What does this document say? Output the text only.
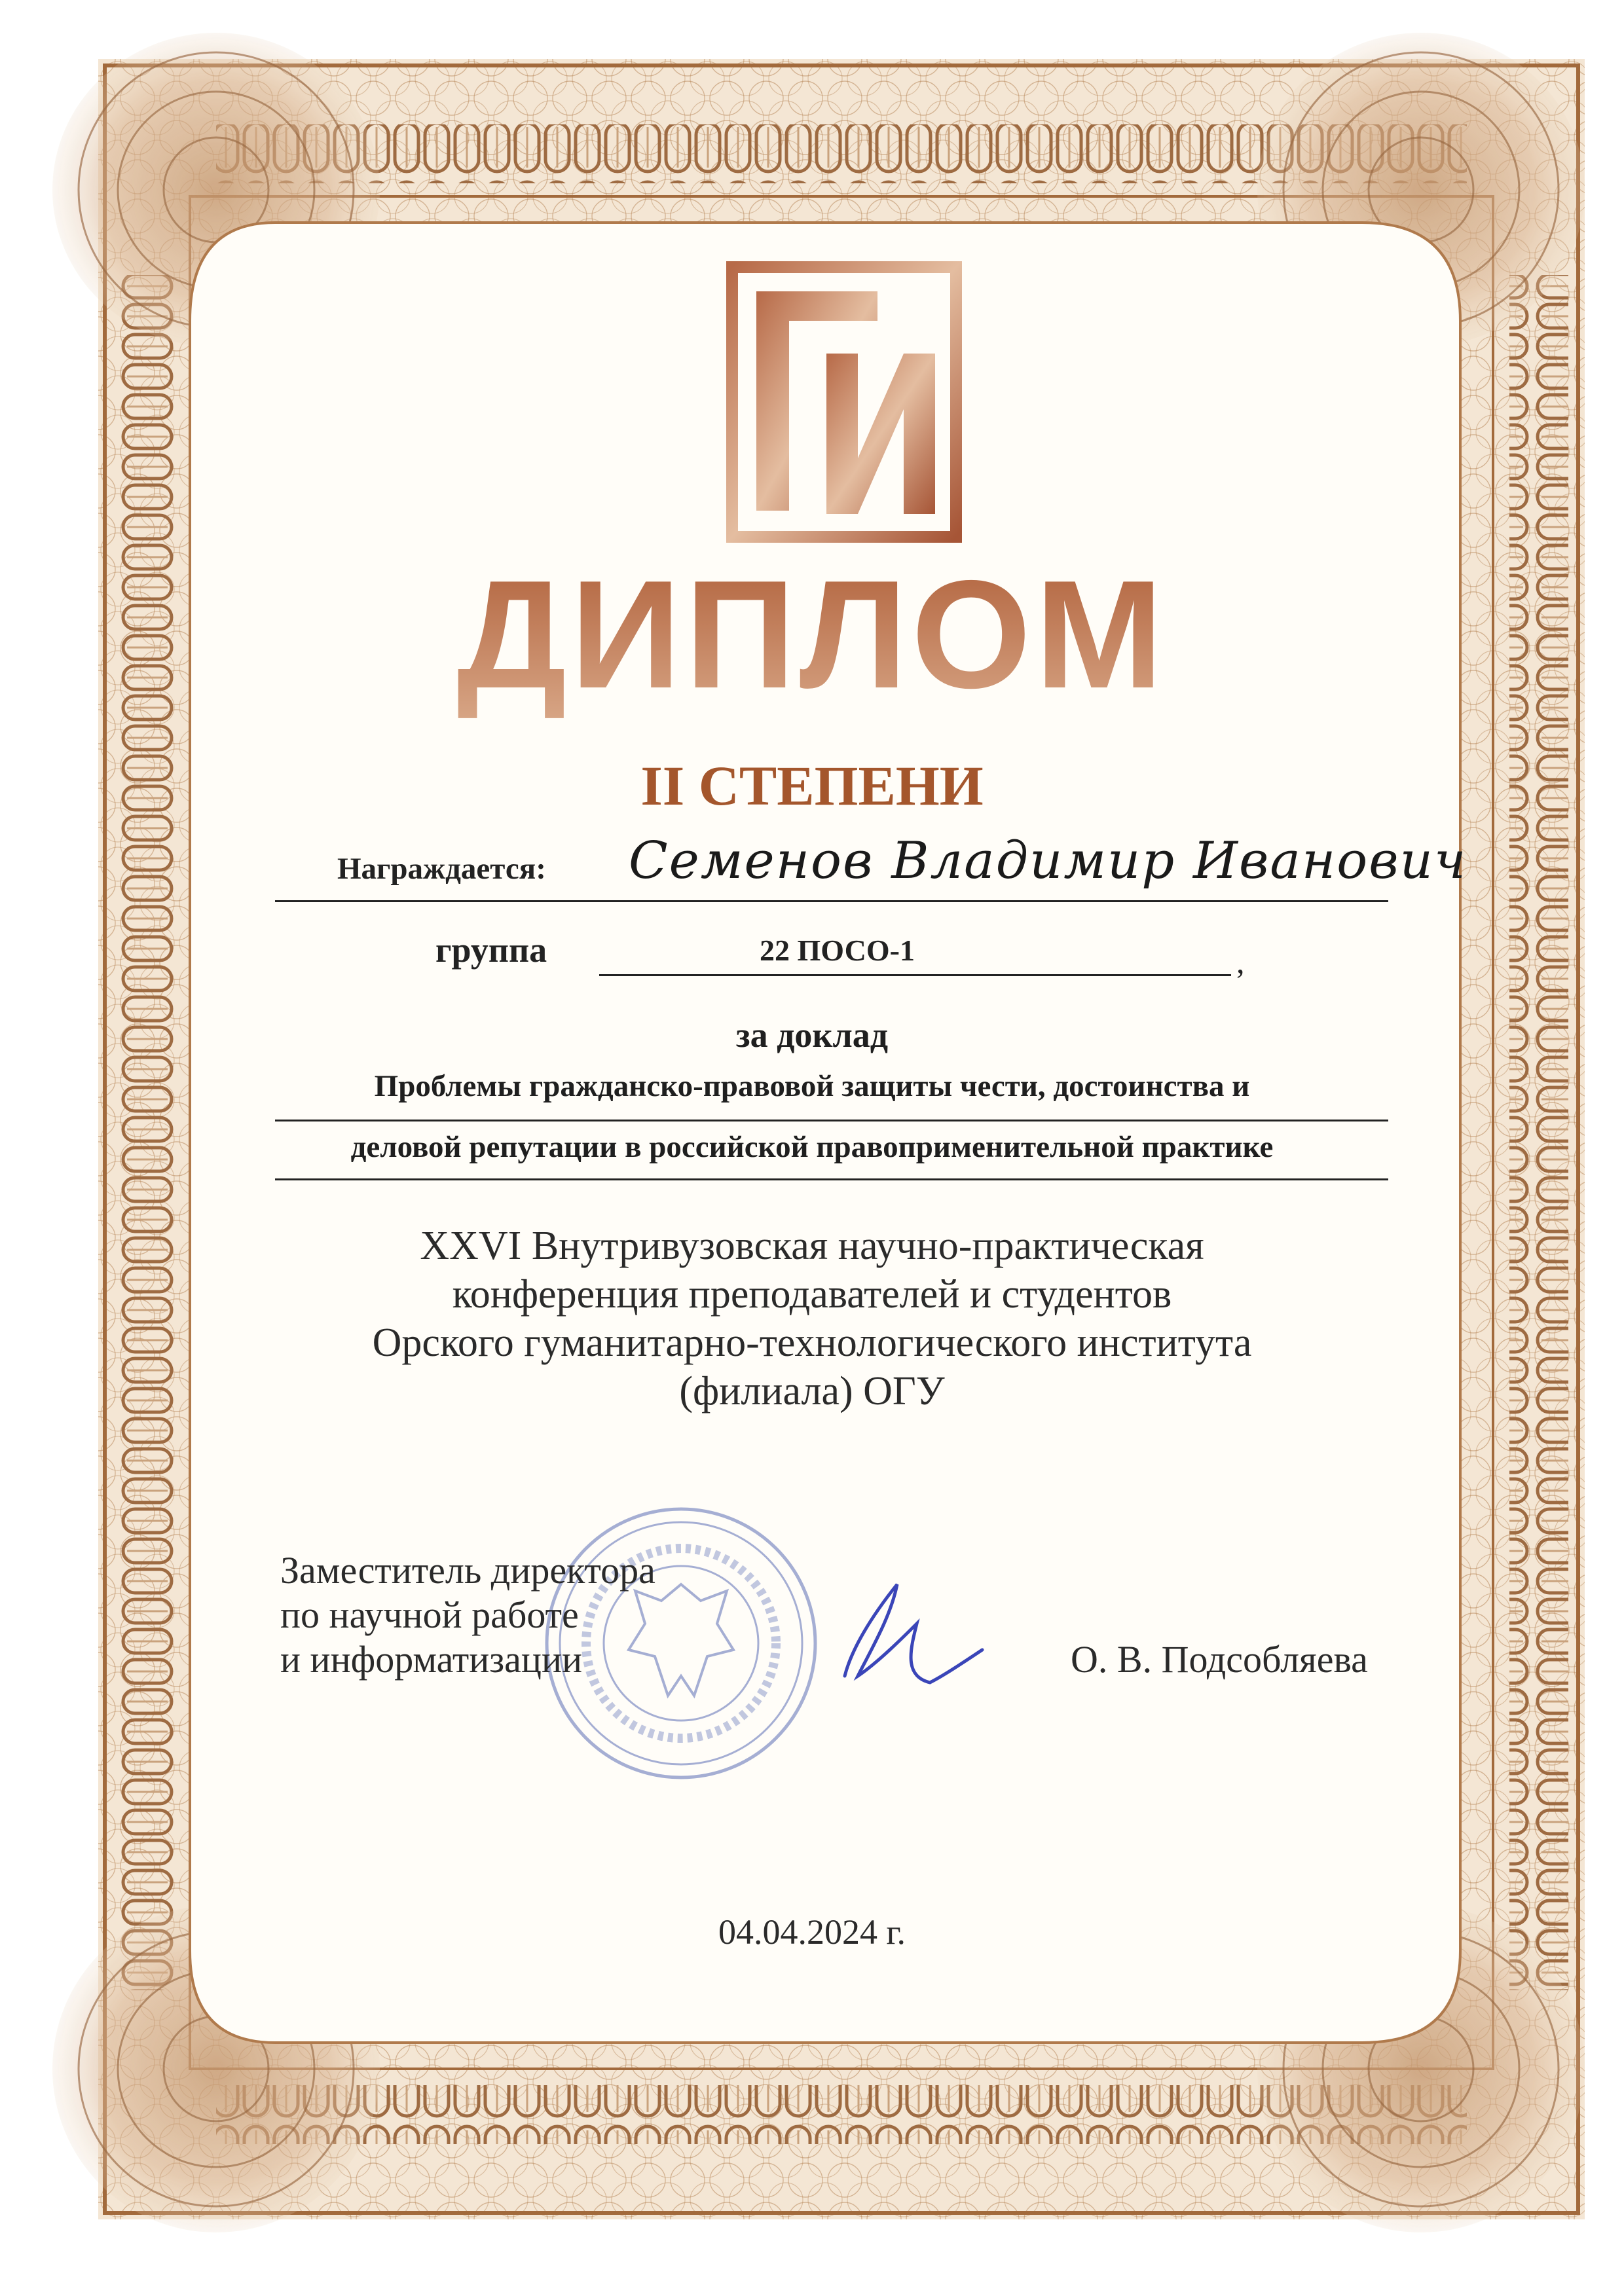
ДИПЛОМ
II СТЕПЕНИ
Награждается: Семенов Владимир Иванович
группа	22 ПОСО-1	,
за доклад
Проблемы гражданско-правовой защиты чести, достоинства и
деловой репутации в российской правоприменительной практике
XXVI Внутривузовская научно-практическая
конференция преподавателей и студентов
Орского гуманитарно-технологического института
(филиала) ОГУ
Заместитель директора
по научной работе
и информатизации	О. В. Подсобляева
04.04.2024 г.
